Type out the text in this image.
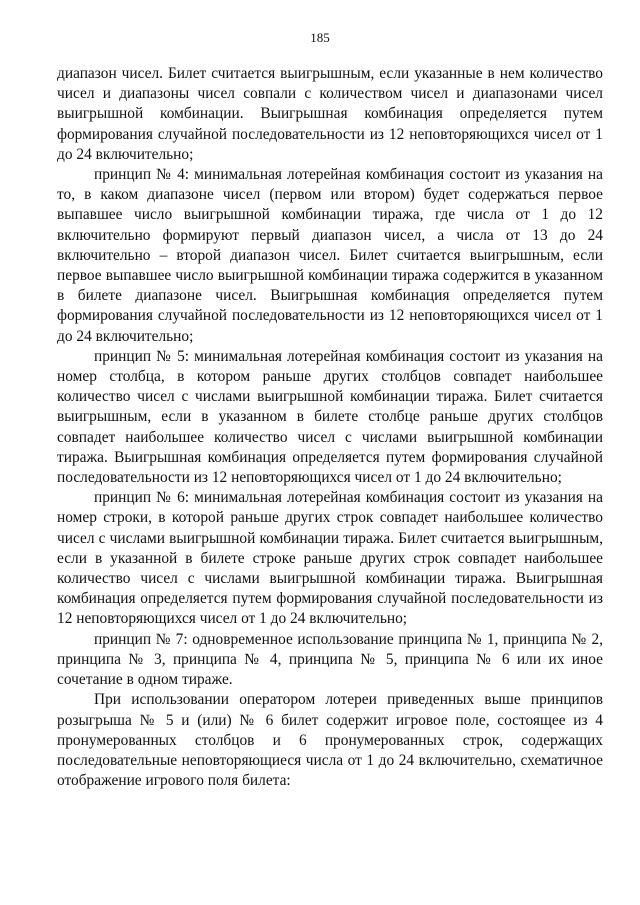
185

диапазон чисел. Билет считается выигрышным, если указанные в нем количество чисел и диапазоны чисел совпали с количеством чисел и диапазонами чисел выигрышной комбинации. Выигрышная комбинация определяется путем формирования случайной последовательности из 12 неповторяющихся чисел от 1 до 24 включительно;

принцип № 4: минимальная лотерейная комбинация состоит из указания на то, в каком диапазоне чисел (первом или втором) будет содержаться первое выпавшее число выигрышной комбинации тиража, где числа от 1 до 12 включительно формируют первый диапазон чисел, а числа от 13 до 24 включительно – второй диапазон чисел. Билет считается выигрышным, если первое выпавшее число выигрышной комбинации тиража содержится в указанном в билете диапазоне чисел. Выигрышная комбинация определяется путем формирования случайной последовательности из 12 неповторяющихся чисел от 1 до 24 включительно;

принцип № 5: минимальная лотерейная комбинация состоит из указания на номер столбца, в котором раньше других столбцов совпадет наибольшее количество чисел с числами выигрышной комбинации тиража. Билет считается выигрышным, если в указанном в билете столбце раньше других столбцов совпадет наибольшее количество чисел с числами выигрышной комбинации тиража. Выигрышная комбинация определяется путем формирования случайной последовательности из 12 неповторяющихся чисел от 1 до 24 включительно;

принцип № 6: минимальная лотерейная комбинация состоит из указания на номер строки, в которой раньше других строк совпадет наибольшее количество чисел с числами выигрышной комбинации тиража. Билет считается выигрышным, если в указанной в билете строке раньше других строк совпадет наибольшее количество чисел с числами выигрышной комбинации тиража. Выигрышная комбинация определяется путем формирования случайной последовательности из 12 неповторяющихся чисел от 1 до 24 включительно;

принцип № 7: одновременное использование принципа № 1, принципа № 2, принципа № 3, принципа № 4, принципа № 5, принципа № 6 или их иное сочетание в одном тираже.

При использовании оператором лотереи приведенных выше принципов розыгрыша № 5 и (или) № 6 билет содержит игровое поле, состоящее из 4 пронумерованных столбцов и 6 пронумерованных строк, содержащих последовательные неповторяющиеся числа от 1 до 24 включительно, схематичное отображение игрового поля билета:
